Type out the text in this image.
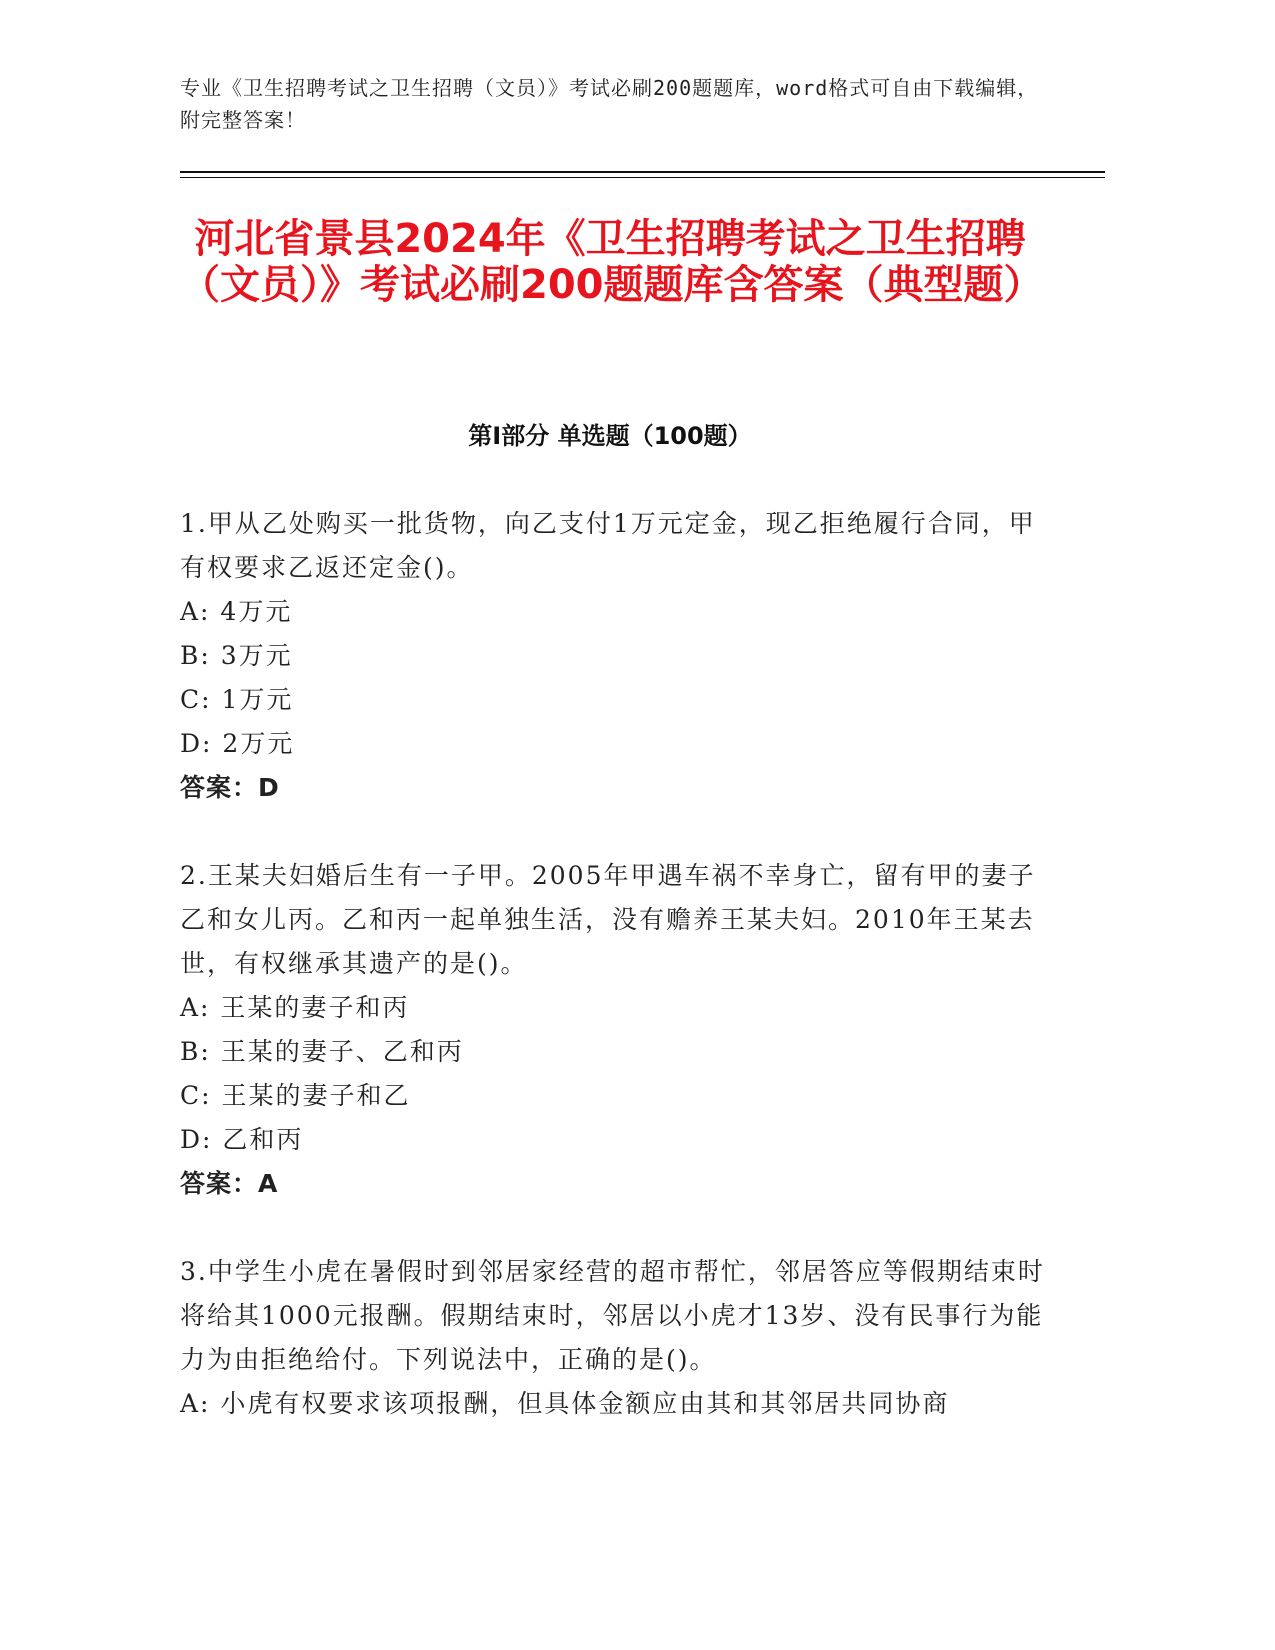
专业《卫生招聘考试之卫生招聘（文员）》考试必刷200题题库，word格式可自由下载编辑，附完整答案！
河北省景县2024年《卫生招聘考试之卫生招聘（文员）》考试必刷200题题库含答案（典型题）
第Ⅰ部分 单选题（100题）

1.甲从乙处购买一批货物，向乙支付1万元定金，现乙拒绝履行合同，甲有权要求乙返还定金()。

A: 4万元

B: 3万元

C: 1万元

D: 2万元

答案：D

2.王某夫妇婚后生有一子甲。2005年甲遇车祸不幸身亡，留有甲的妻子乙和女儿丙。乙和丙一起单独生活，没有赡养王某夫妇。2010年王某去世，有权继承其遗产的是()。

A: 王某的妻子和丙

B: 王某的妻子、乙和丙

C: 王某的妻子和乙

D: 乙和丙

答案：A

3.中学生小虎在暑假时到邻居家经营的超市帮忙，邻居答应等假期结束时将给其1000元报酬。假期结束时，邻居以小虎才13岁、没有民事行为能力为由拒绝给付。下列说法中，正确的是()。

A: 小虎有权要求该项报酬，但具体金额应由其和其邻居共同协商
